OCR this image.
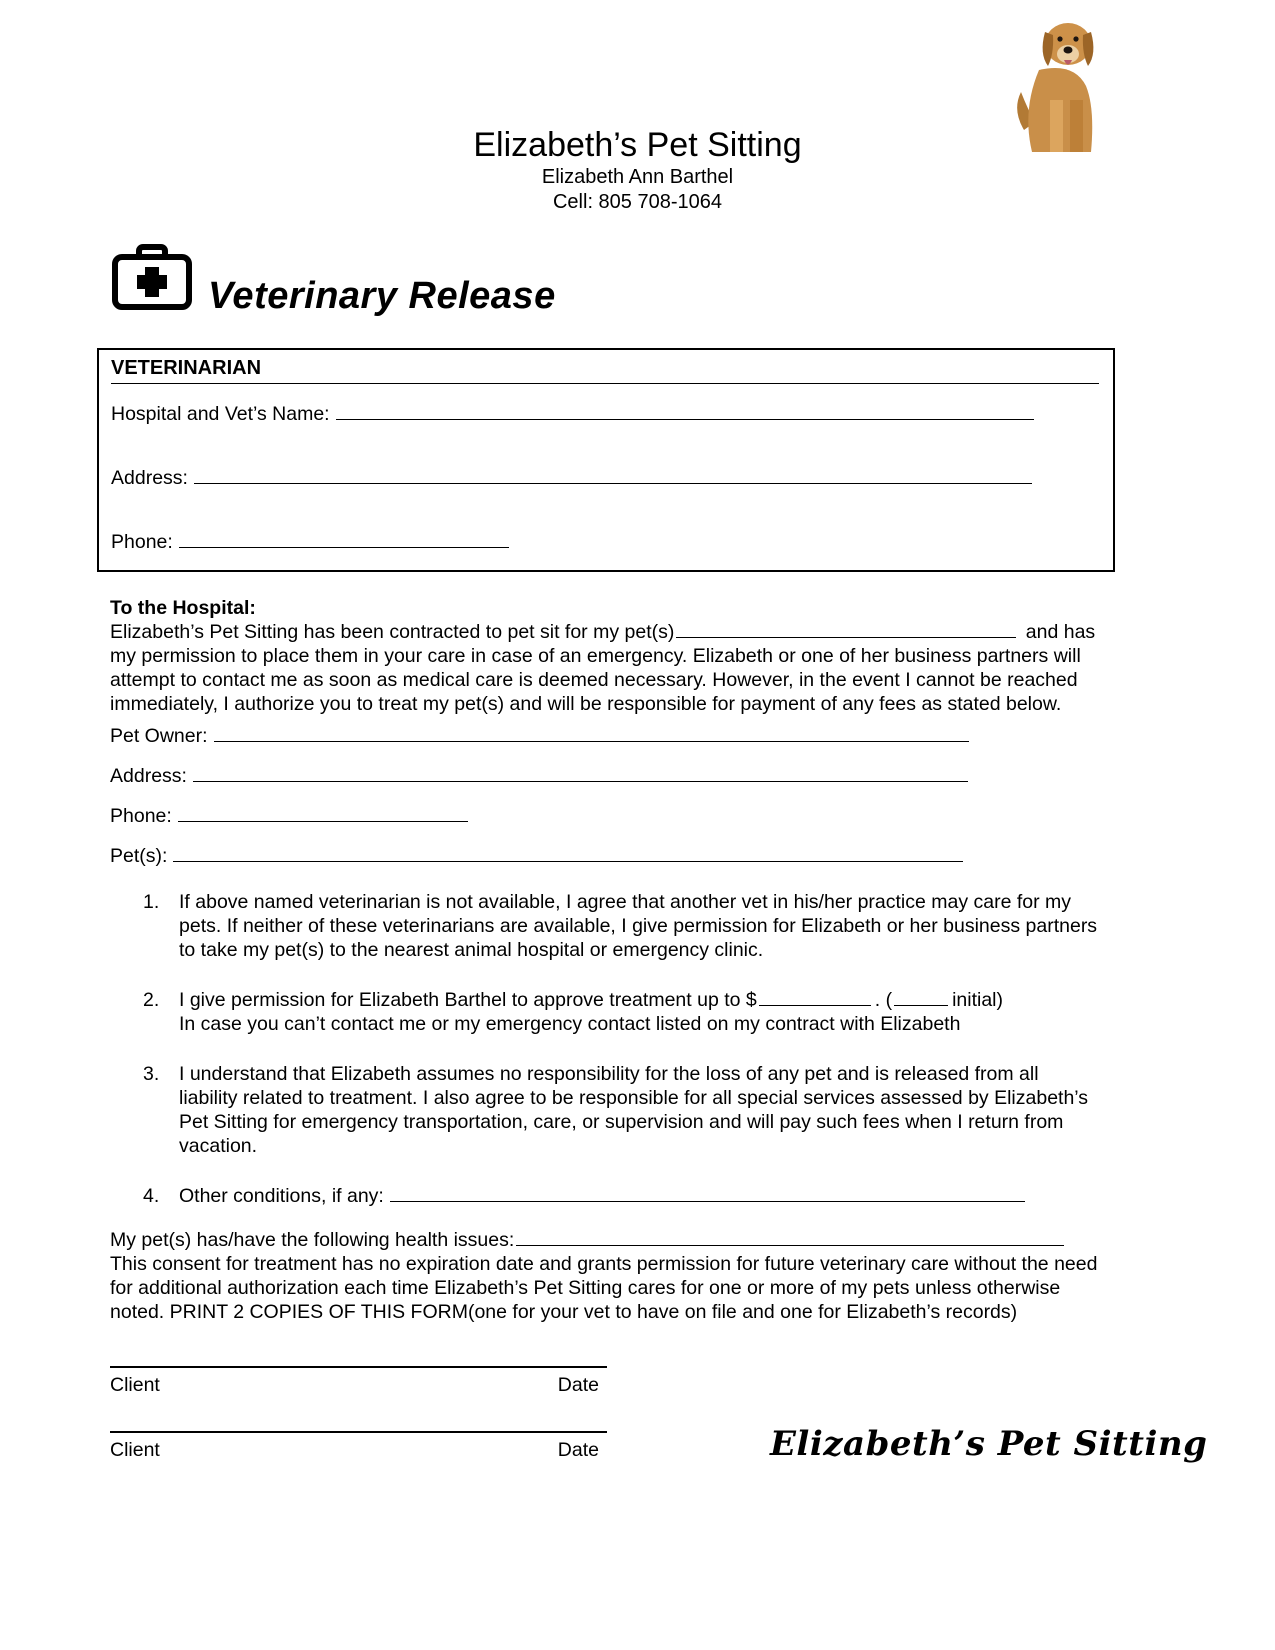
Elizabeth’s Pet Sitting
Elizabeth Ann Barthel
Cell: 805 708-1064
Veterinary Release
VETERINARIAN
Hospital and Vet’s Name:
Address:
Phone:
To the Hospital:
Elizabeth’s Pet Sitting has been contracted to pet sit for my pet(s)	and has my permission to place them in your care in case of an emergency. Elizabeth or one of her business partners will attempt to contact me as soon as medical care is deemed necessary. However, in the event I cannot be reached immediately, I authorize you to treat my pet(s) and will be responsible for payment of any fees as stated below.
Pet Owner:
Address:
Phone:
Pet(s):
1.	If above named veterinarian is not available, I agree that another vet in his/her practice may care for my pets. If neither of these veterinarians are available, I give permission for Elizabeth or her business partners to take my pet(s) to the nearest animal hospital or emergency clinic.
2.	I give permission for Elizabeth Barthel to approve treatment up to $	. (	initial)
In case you can’t contact me or my emergency contact listed on my contract with Elizabeth
3.	I understand that Elizabeth assumes no responsibility for the loss of any pet and is released from all liability related to treatment. I also agree to be responsible for all special services assessed by Elizabeth’s Pet Sitting for emergency transportation, care, or supervision and will pay such fees when I return from vacation.
4.	Other conditions, if any:
My pet(s) has/have the following health issues:
This consent for treatment has no expiration date and grants permission for future veterinary care without the need for additional authorization each time Elizabeth’s Pet Sitting cares for one or more of my pets unless otherwise noted. PRINT 2 COPIES OF THIS FORM(one for your vet to have on file and one for Elizabeth’s records)
Client	Date
Client	Date	Elizabeth’s Pet Sitting
